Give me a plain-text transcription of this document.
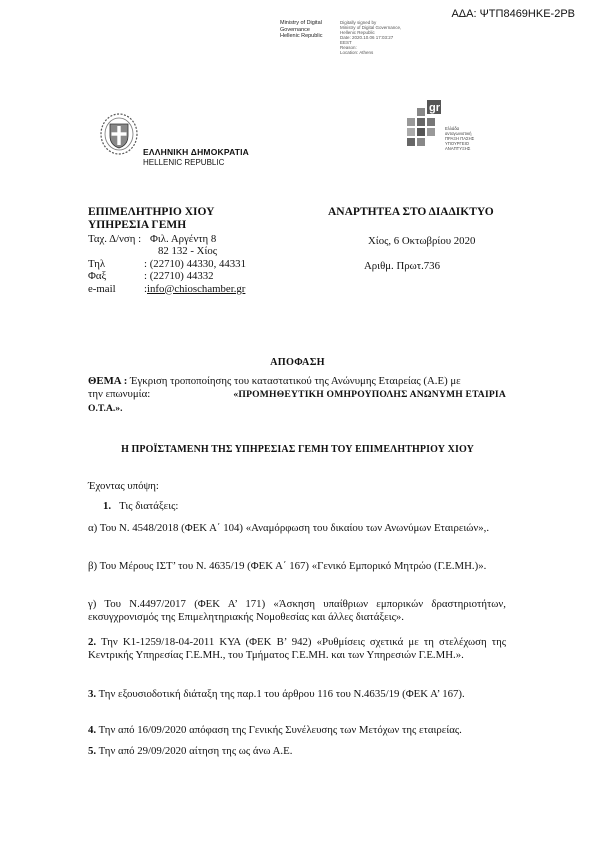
ΑΔΑ: ΨΤΠ8469ΗΚΕ-2ΡΒ
Ministry of Digital
Governance
Hellenic Republic
Digitally signed by
Ministry of Digital Governance,
Hellenic Republic
Date: 2020.10.06 17:03:27
EEST
Reason:
Location: Athens
ΕΛΛΗΝΙΚΗ ΔΗΜΟΚΡΑΤΙΑ
HELLENIC REPUBLIC
gr
Ελλάδα
ανταγωνιστική
ΠΡΑΞΗ ΠΑΣΗΣ
ΥΠΟΥΡΓΕΙΟ ΑΝΑΠΤΥΞΗΣ
ΕΠΙΜΕΛΗΤΗΡΙΟ ΧΙΟΥ
ΥΠΗΡΕΣΙΑ ΓΕΜΗ
ΑΝΑΡΤΗΤΕΑ ΣΤΟ ΔΙΑΔΙΚΤΥΟ
Χίος, 6 Οκτωβρίου 2020
Αριθμ. Πρωτ.736
Ταχ. Δ/νση : Φιλ. Αργέντη 8
82 132 - Χίος
Τηλ	: (22710) 44330, 44331
Φαξ	: (22710) 44332
e-mail	: info@chioschamber.gr
ΑΠΟΦΑΣΗ
ΘΕΜΑ : Έγκριση τροποποίησης του καταστατικού της Ανώνυμης Εταιρείας (Α.Ε) με
την επωνυμία:	«ΠΡΟΜΗΘΕΥΤΙΚΗ ΟΜΗΡΟΥΠΟΛΗΣ ΑΝΩΝΥΜΗ ΕΤΑΙΡΙΑ
Ο.Τ.Α.».
Η ΠΡΟΪΣΤΑΜΕΝΗ ΤΗΣ ΥΠΗΡΕΣΙΑΣ ΓΕΜΗ ΤΟΥ ΕΠΙΜΕΛΗΤΗΡΙΟΥ ΧΙΟΥ
Έχοντας υπόψη:
1. Τις διατάξεις:
α) Του Ν. 4548/2018 (ΦΕΚ Α΄ 104) «Αναμόρφωση του δικαίου των Ανωνύμων Εταιρειών»,.
β) Του Μέρους ΙΣΤ’ του Ν. 4635/19 (ΦΕΚ Α΄ 167) «Γενικό Εμπορικό Μητρώο (Γ.Ε.ΜΗ.)».
γ) Του Ν.4497/2017 (ΦΕΚ Α’ 171) «Άσκηση υπαίθριων εμπορικών δραστηριοτήτων, εκσυγχρονισμός της Επιμελητηριακής Νομοθεσίας και άλλες διατάξεις».
2. Την Κ1-1259/18-04-2011 ΚΥΑ (ΦΕΚ Β’ 942) «Ρυθμίσεις σχετικά με τη στελέχωση της Κεντρικής Υπηρεσίας Γ.Ε.ΜΗ., του Τμήματος Γ.Ε.ΜΗ. και των Υπηρεσιών Γ.Ε.ΜΗ.».
3. Την εξουσιοδοτική διάταξη της παρ.1 του άρθρου 116 του Ν.4635/19 (ΦΕΚ Α’ 167).
4. Την από 16/09/2020 απόφαση της Γενικής Συνέλευσης των Μετόχων της εταιρείας.
5. Την από 29/09/2020 αίτηση της ως άνω Α.Ε.
